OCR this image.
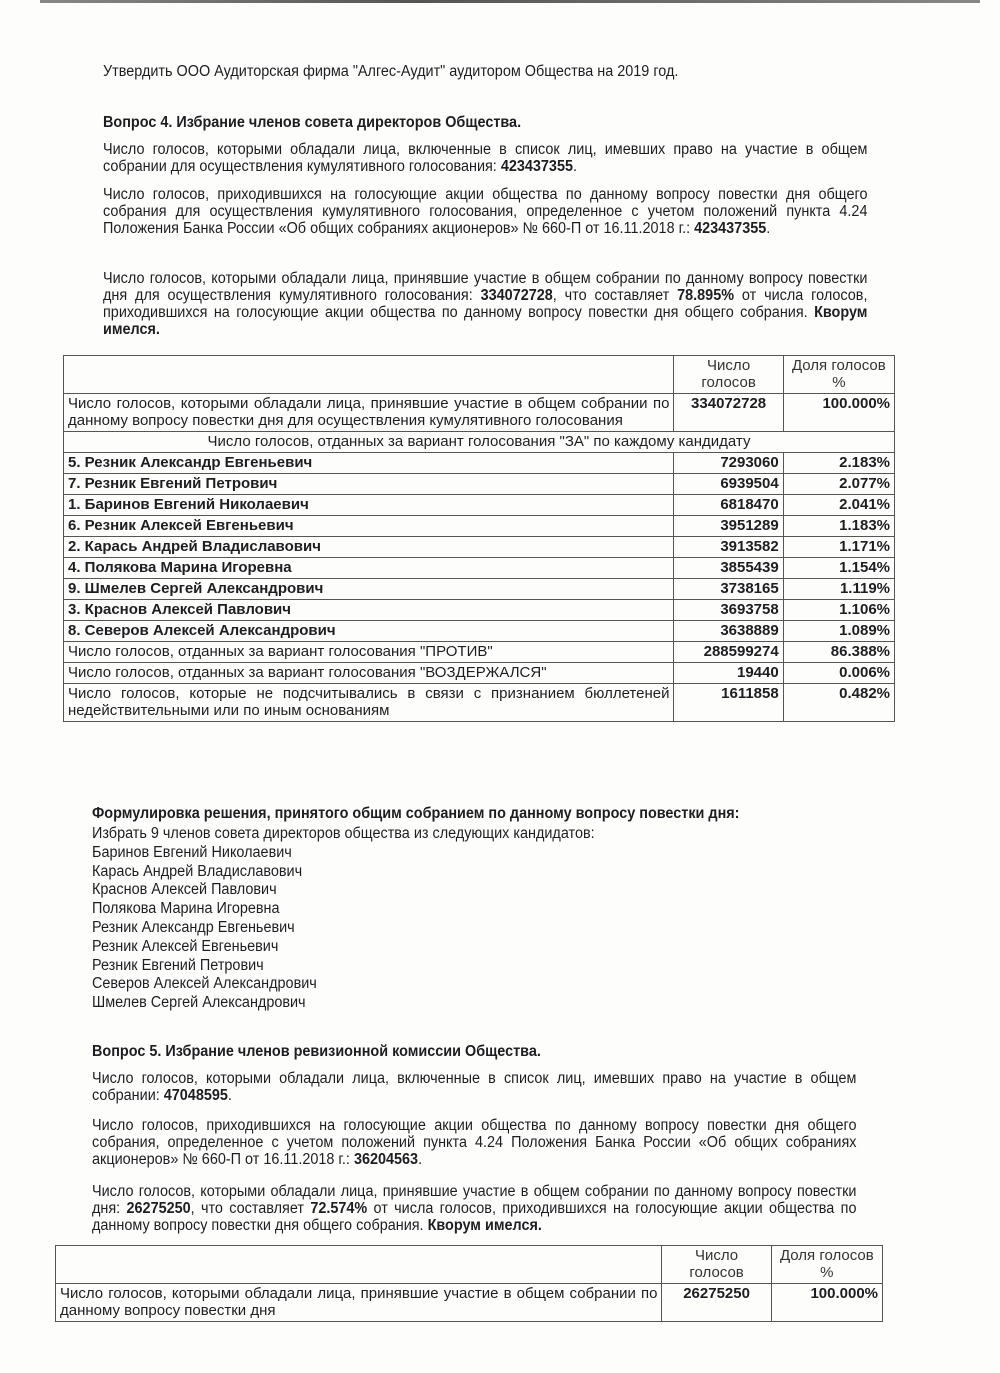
Утвердить ООО Аудиторская фирма "Алгес-Аудит" аудитором Общества на 2019 год.

Вопрос 4. Избрание членов совета директоров Общества.

Число голосов, которыми обладали лица, включенные в список лиц, имевших право на участие в общем собрании для осуществления кумулятивного голосования: 423437355.

Число голосов, приходившихся на голосующие акции общества по данному вопросу повестки дня общего собрания для осуществления кумулятивного голосования, определенное с учетом положений пункта 4.24 Положения Банка России «Об общих собраниях акционеров» № 660-П от 16.11.2018 г.: 423437355.

Число голосов, которыми обладали лица, принявшие участие в общем собрании по данному вопросу повестки дня для осуществления кумулятивного голосования: 334072728, что составляет 78.895% от числа голосов, приходившихся на голосующие акции общества по данному вопросу повестки дня общего собрания. Кворум имелся.

	Число голосов	Доля голосов %
Число голосов, которыми обладали лица, принявшие участие в общем собрании по данному вопросу повестки дня для осуществления кумулятивного голосования	334072728	100.000%
Число голосов, отданных за вариант голосования "ЗА" по каждому кандидату		
5. Резник Александр Евгеньевич	7293060	2.183%
7. Резник Евгений Петрович	6939504	2.077%
1. Баринов Евгений Николаевич	6818470	2.041%
6. Резник Алексей Евгеньевич	3951289	1.183%
2. Карась Андрей Владиславович	3913582	1.171%
4. Полякова Марина Игоревна	3855439	1.154%
9. Шмелев Сергей Александрович	3738165	1.119%
3. Краснов Алексей Павлович	3693758	1.106%
8. Северов Алексей Александрович	3638889	1.089%
Число голосов, отданных за вариант голосования "ПРОТИВ"	288599274	86.388%
Число голосов, отданных за вариант голосования "ВОЗДЕРЖАЛСЯ"	19440	0.006%
Число голосов, которые не подсчитывались в связи с признанием бюллетеней недействительными или по иным основаниям	1611858	0.482%

Формулировка решения, принятого общим собранием по данному вопросу повестки дня:

Избрать 9 членов совета директоров общества из следующих кандидатов:
Баринов Евгений Николаевич
Карась Андрей Владиславович
Краснов Алексей Павлович
Полякова Марина Игоревна
Резник Александр Евгеньевич
Резник Алексей Евгеньевич
Резник Евгений Петрович
Северов Алексей Александрович
Шмелев Сергей Александрович

Вопрос 5. Избрание членов ревизионной комиссии Общества.

Число голосов, которыми обладали лица, включенные в список лиц, имевших право на участие в общем собрании: 47048595.

Число голосов, приходившихся на голосующие акции общества по данному вопросу повестки дня общего собрания, определенное с учетом положений пункта 4.24 Положения Банка России «Об общих собраниях акционеров» № 660-П от 16.11.2018 г.: 36204563.

Число голосов, которыми обладали лица, принявшие участие в общем собрании по данному вопросу повестки дня: 26275250, что составляет 72.574% от числа голосов, приходившихся на голосующие акции общества по данному вопросу повестки дня общего собрания. Кворум имелся.

	Число голосов	Доля голосов %
Число голосов, которыми обладали лица, принявшие участие в общем собрании по данному вопросу повестки дня	26275250	100.000%
